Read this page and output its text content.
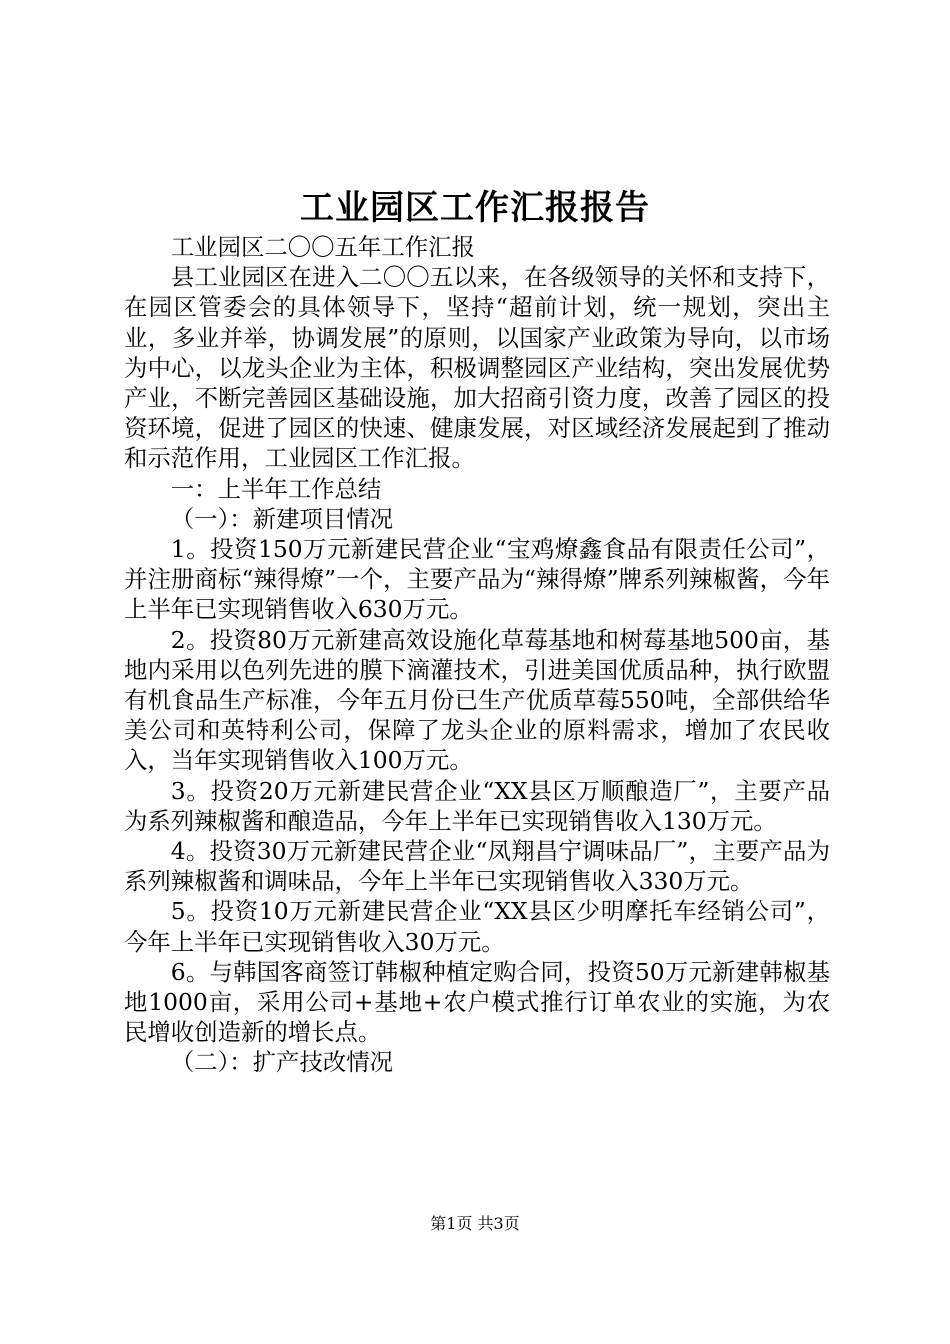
工业园区工作汇报报告

工业园区二〇〇五年工作汇报

县工业园区在进入二〇〇五以来，在各级领导的关怀和支持下，在园区管委会的具体领导下，坚持“超前计划，统一规划，突出主业，多业并举，协调发展”的原则，以国家产业政策为导向，以市场为中心，以龙头企业为主体，积极调整园区产业结构，突出发展优势产业，不断完善园区基础设施，加大招商引资力度，改善了园区的投资环境，促进了园区的快速、健康发展，对区域经济发展起到了推动和示范作用，工业园区工作汇报。

一：上半年工作总结

（一）：新建项目情况

1。投资150万元新建民营企业“宝鸡燎鑫食品有限责任公司”，并注册商标“辣得燎”一个，主要产品为“辣得燎”牌系列辣椒酱，今年上半年已实现销售收入630万元。

2。投资80万元新建高效设施化草莓基地和树莓基地500亩，基地内采用以色列先进的膜下滴灌技术，引进美国优质品种，执行欧盟有机食品生产标准，今年五月份已生产优质草莓550吨，全部供给华美公司和英特利公司，保障了龙头企业的原料需求，增加了农民收入，当年实现销售收入100万元。

3。投资20万元新建民营企业“XX县区万顺酿造厂”，主要产品为系列辣椒酱和酿造品，今年上半年已实现销售收入130万元。

4。投资30万元新建民营企业“凤翔昌宁调味品厂”，主要产品为系列辣椒酱和调味品，今年上半年已实现销售收入330万元。

5。投资10万元新建民营企业“XX县区少明摩托车经销公司”，今年上半年已实现销售收入30万元。

6。与韩国客商签订韩椒种植定购合同，投资50万元新建韩椒基地1000亩，采用公司+基地+农户模式推行订单农业的实施，为农民增收创造新的增长点。

（二）：扩产技改情况

第1页 共3页
